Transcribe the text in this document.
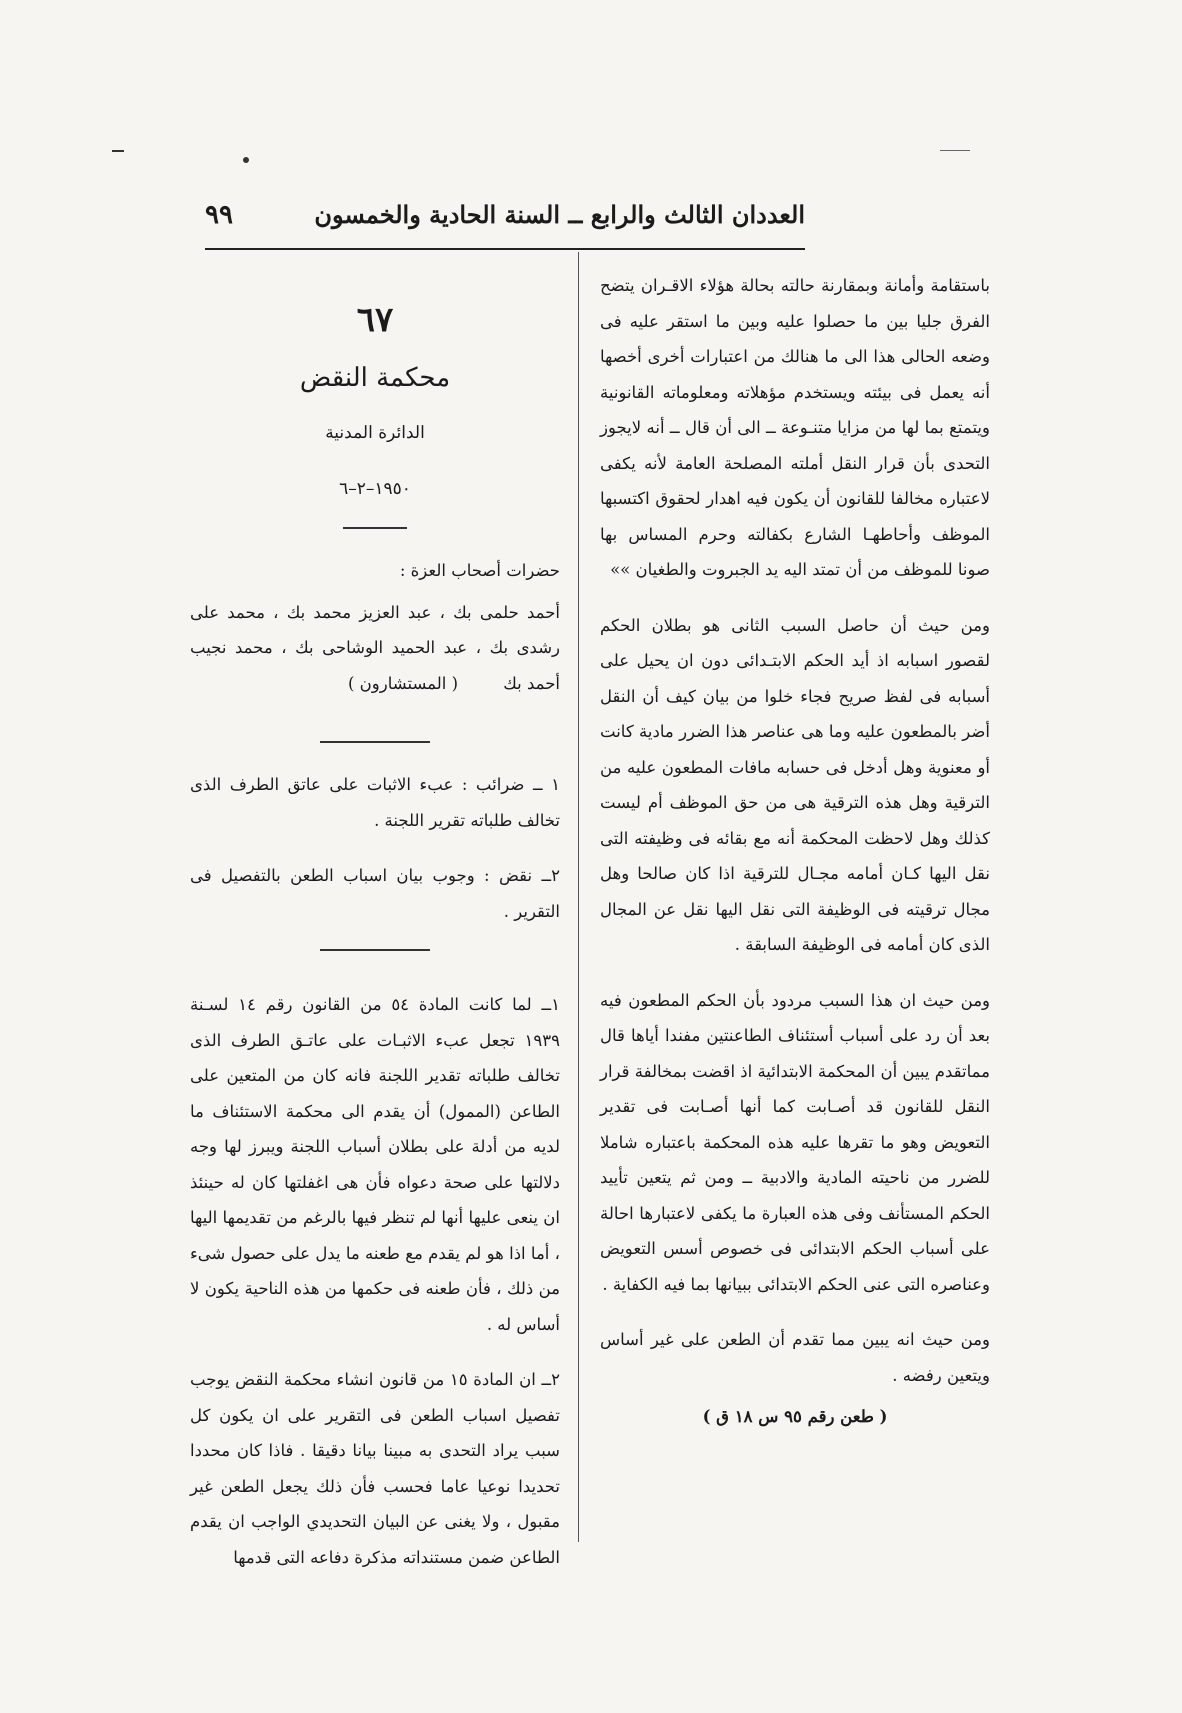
العددان الثالث والرابع ــ السنة الحادية والخمسون
٩٩

باستقامة وأمانة وبمقارنة حالته بحالة هؤلاء الاقـران يتضح الفرق جليا بين ما حصلوا عليه وبين ما استقر عليه فى وضعه الحالى هذا الى ما هنالك من اعتبارات أخرى أخصها أنه يعمل فى بيئته ويستخدم مؤهلاته ومعلوماته القانونية ويتمتع بما لها من مزايا متنـوعة ــ الى أن قال ــ أنه لايجوز التحدى بأن قرار النقل أملته المصلحة العامة لأنه يكفى لاعتباره مخالفا للقانون أن يكون فيه اهدار لحقوق اكتسبها الموظف وأحاطهـا الشارع بكفالته وحرم المساس بها صونا للموظف من أن تمتد اليه يد الجبروت والطغيان »»

ومن حيث أن حاصل السبب الثانى هو بطلان الحكم لقصور اسبابه اذ أيد الحكم الابتـدائى دون ان يحيل على أسبابه فى لفظ صريح فجاء خلوا من بيان كيف أن النقل أضر بالمطعون عليه وما هى عناصر هذا الضرر مادية كانت أو معنوية وهل أدخل فى حسابه مافات المطعون عليه من الترقية وهل هذه الترقية هى من حق الموظف أم ليست كذلك وهل لاحظت المحكمة أنه مع بقائه فى وظيفته التى نقل اليها كـان أمامه مجـال للترقية اذا كان صالحا وهل مجال ترقيته فى الوظيفة التى نقل اليها نقل عن المجال الذى كان أمامه فى الوظيفة السابقة .

ومن حيث ان هذا السبب مردود بأن الحكم المطعون فيه بعد أن رد على أسباب أستئناف الطاعنتين مفندا أياها قال مماتقدم يبين أن المحكمة الابتدائية اذ اقضت بمخالفة قرار النقل للقانون قد أصـابت كما أنها أصـابت فى تقدير التعويض وهو ما تقرها عليه هذه المحكمة باعتباره شاملا للضرر من ناحيته المادية والادبية ــ ومن ثم يتعين تأييد الحكم المستأنف وفى هذه العبارة ما يكفى لاعتبارها احالة على أسباب الحكم الابتدائى فى خصوص أسس التعويض وعناصره التى عنى الحكم الابتدائى ببيانها بما فيه الكفاية .

ومن حيث انه يبين مما تقدم أن الطعن على غير أساس ويتعين رفضه .

( طعن رقم ٩٥ س ١٨ ق )

٦٧

محكمة النقض

الدائرة المدنية

١٩٥٠–٢–٦

حضرات أصحاب العزة :

أحمد حلمى بك ، عبد العزيز محمد بك ، محمد على رشدى بك ، عبد الحميد الوشاحى بك ، محمد نجيب أحمد بك ( المستشارون )

١ ــ ضرائب : عبء الاثبات على عاتق الطرف الذى تخالف طلباته تقرير اللجنة .

٢ــ نقض : وجوب بيان اسباب الطعن بالتفصيل فى التقرير .

١ــ لما كانت المادة ٥٤ من القانون رقم ١٤ لسـنة ١٩٣٩ تجعل عبء الاثبـات على عاتـق الطرف الذى تخالف طلباته تقدير اللجنة فانه كان من المتعين على الطاعن (الممول) أن يقدم الى محكمة الاستئناف ما لديه من أدلة على بطلان أسباب اللجنة ويبرز لها وجه دلالتها على صحة دعواه فأن هى اغفلتها كان له حينئذ ان ينعى عليها أنها لم تنظر فيها بالرغم من تقديمها اليها ، أما اذا هو لم يقدم مع طعنه ما يدل على حصول شىء من ذلك ، فأن طعنه فى حكمها من هذه الناحية يكون لا أساس له .

٢ــ ان المادة ١٥ من قانون انشاء محكمة النقض يوجب تفصيل اسباب الطعن فى التقرير على ان يكون كل سبب يراد التحدى به مبينا بيانا دقيقا . فاذا كان محددا تحديدا نوعيا عاما فحسب فأن ذلك يجعل الطعن غير مقبول ، ولا يغنى عن البيان التحديدي الواجب ان يقدم الطاعن ضمن مستنداته مذكرة دفاعه التى قدمها
